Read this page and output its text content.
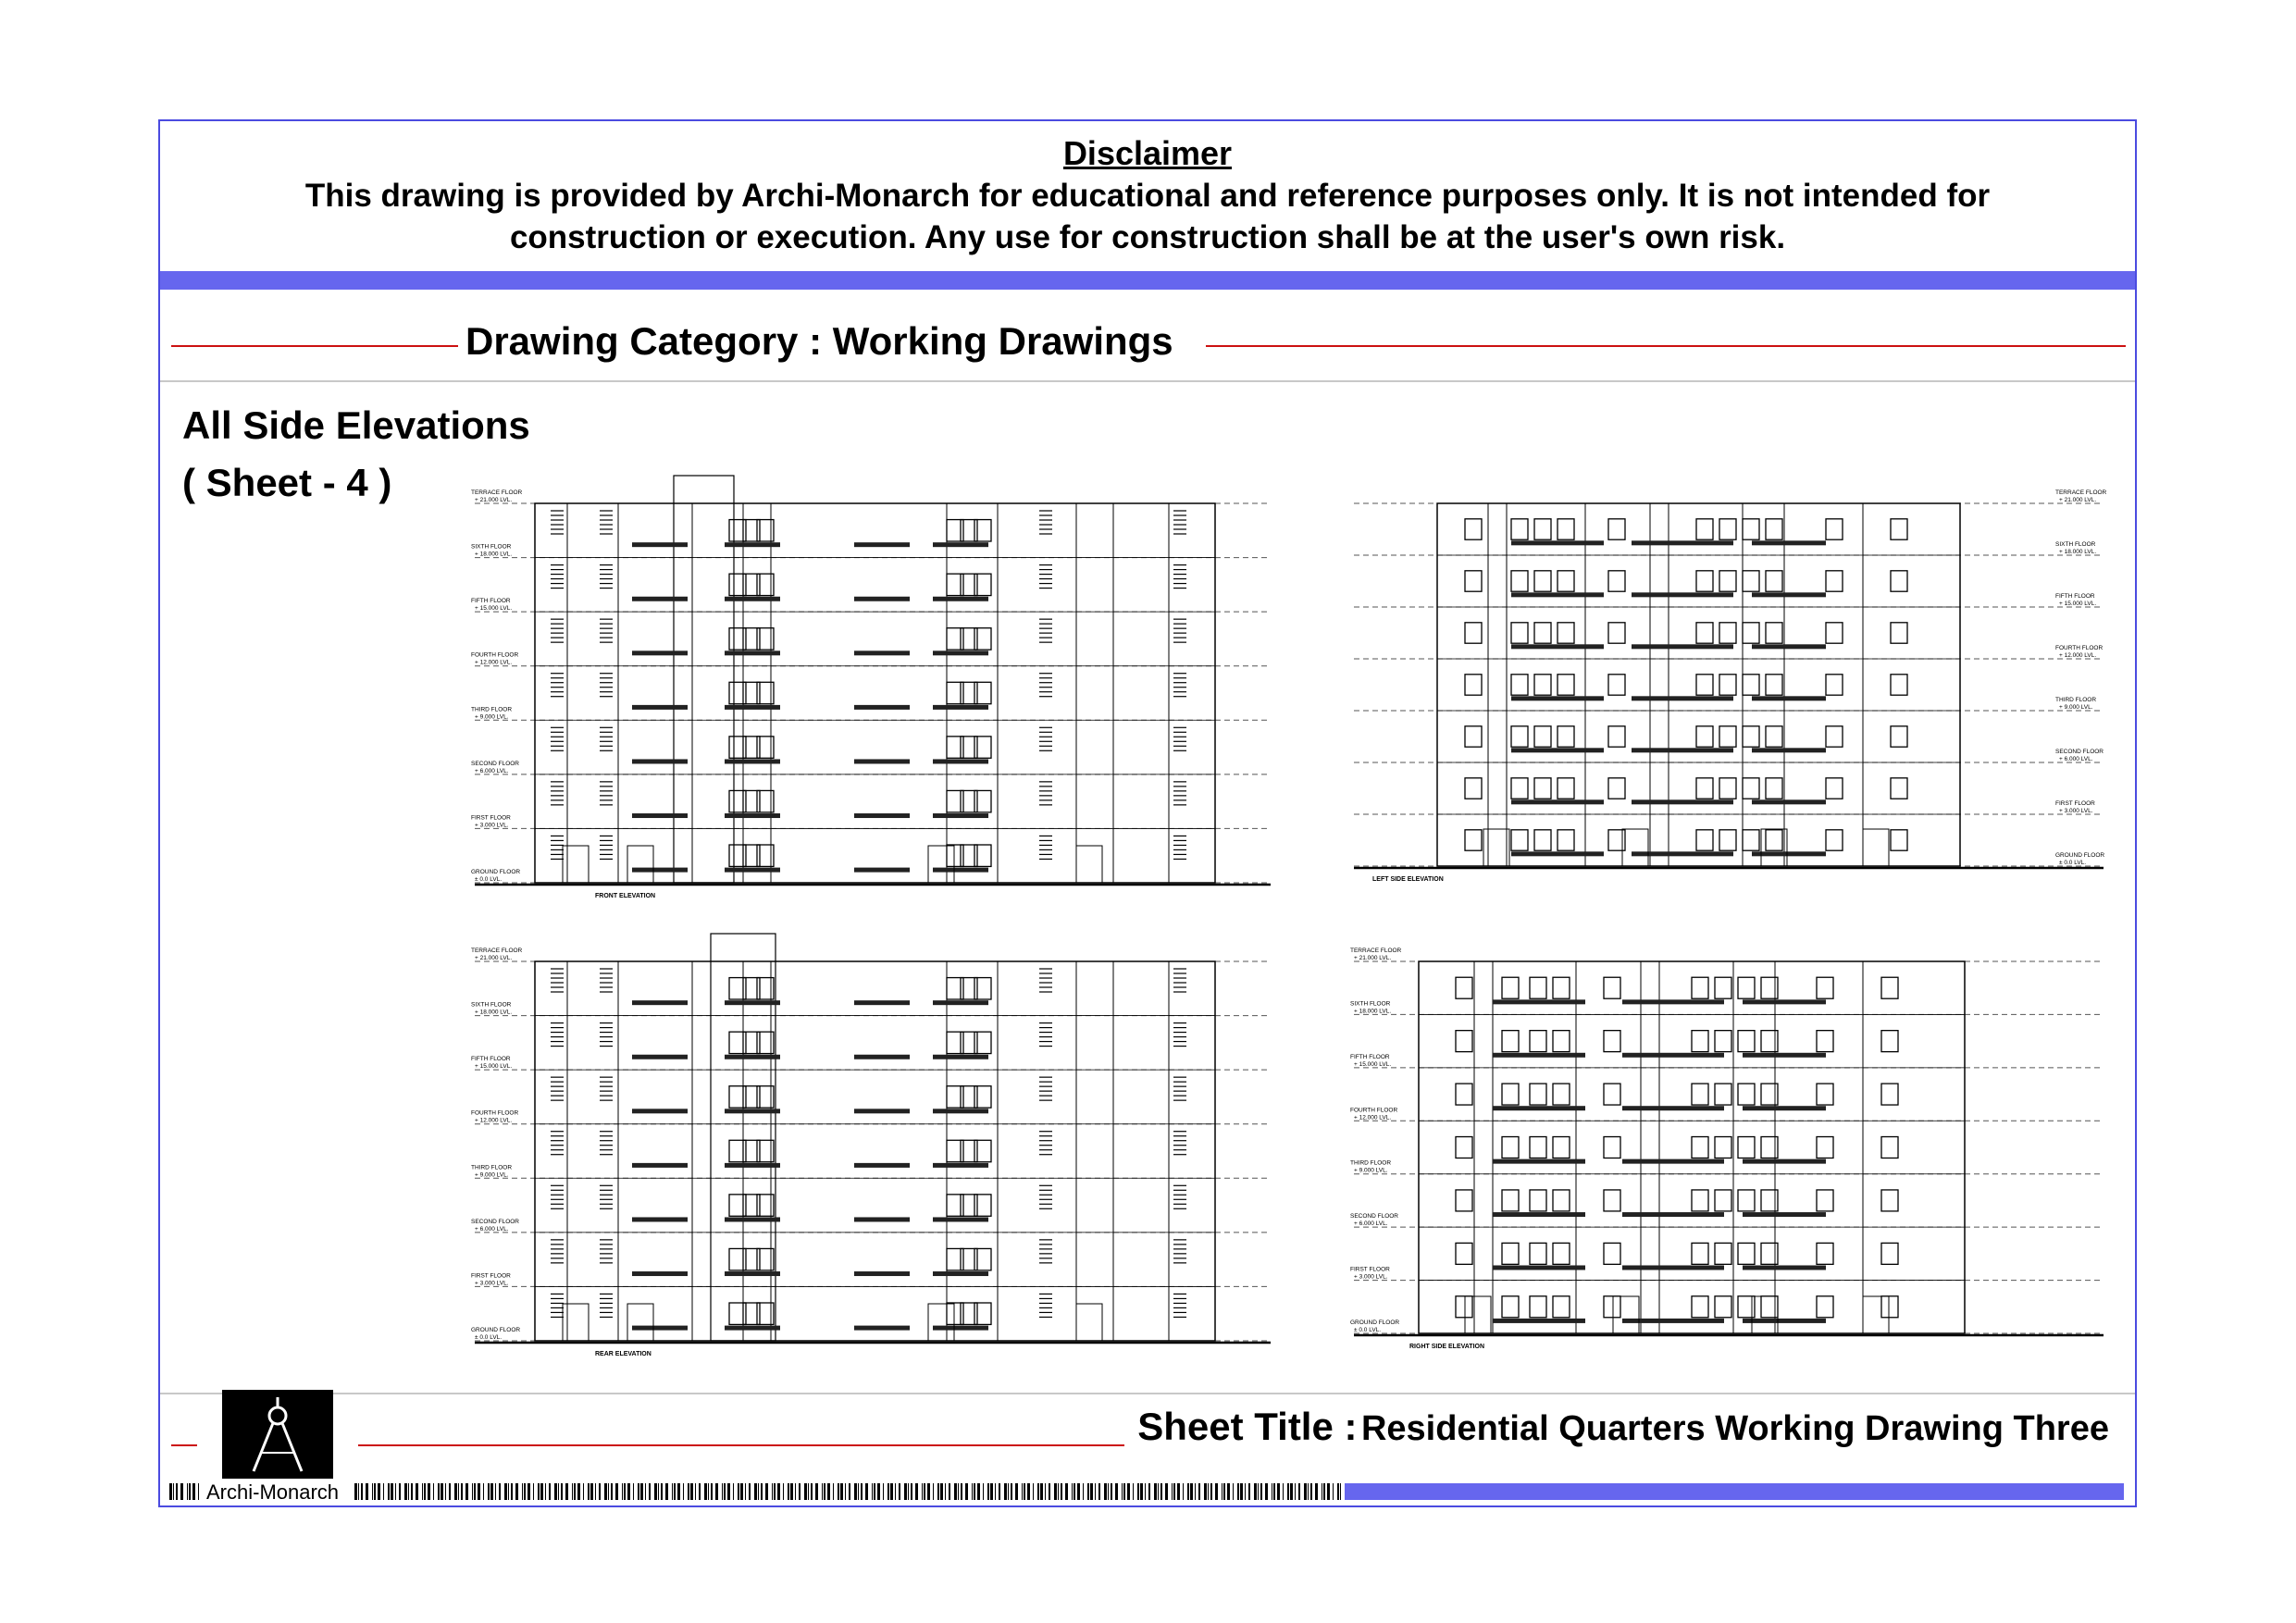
Disclaimer
This drawing is provided by Archi-Monarch for educational and reference purposes only. It is not intended for
construction or execution. Any use for construction shall be at the user's own risk.
Drawing Category : Working Drawings
All Side Elevations
( Sheet - 4 )	TERRACE FLOOR
+ 21.000 LVL.
SIXTH FLOOR
+ 18.000 LVL.
FIFTH FLOOR
+ 15.000 LVL.
FOURTH FLOOR
+ 12.000 LVL.
THIRD FLOOR
+ 9.000 LVL.
SECOND FLOOR
+ 6.000 LVL.
FIRST FLOOR
+ 3.000 LVL.
GROUND FLOOR
± 0.0 LVL.
FRONT ELEVATION
TERRACE FLOOR
+ 21.000 LVL.
SIXTH FLOOR
+ 18.000 LVL.
FIFTH FLOOR
+ 15.000 LVL.
FOURTH FLOOR
+ 12.000 LVL.
THIRD FLOOR
+ 9.000 LVL.
SECOND FLOOR
+ 6.000 LVL.
FIRST FLOOR
+ 3.000 LVL.
GROUND FLOOR
± 0.0 LVL.
LEFT SIDE ELEVATION
TERRACE FLOOR
+ 21.000 LVL.
SIXTH FLOOR
+ 18.000 LVL.
FIFTH FLOOR
+ 15.000 LVL.
FOURTH FLOOR
+ 12.000 LVL.
THIRD FLOOR
+ 9.000 LVL.
SECOND FLOOR
+ 6.000 LVL.
FIRST FLOOR
+ 3.000 LVL.
GROUND FLOOR
± 0.0 LVL.
REAR ELEVATION
TERRACE FLOOR
+ 21.000 LVL.
SIXTH FLOOR
+ 18.000 LVL.
FIFTH FLOOR
+ 15.000 LVL.
FOURTH FLOOR
+ 12.000 LVL.
THIRD FLOOR
+ 9.000 LVL.
SECOND FLOOR
+ 6.000 LVL.
FIRST FLOOR
+ 3.000 LVL.
GROUND FLOOR
± 0.0 LVL.
RIGHT SIDE ELEVATION
Sheet Title : Residential Quarters Working Drawing Three
Archi-Monarch
